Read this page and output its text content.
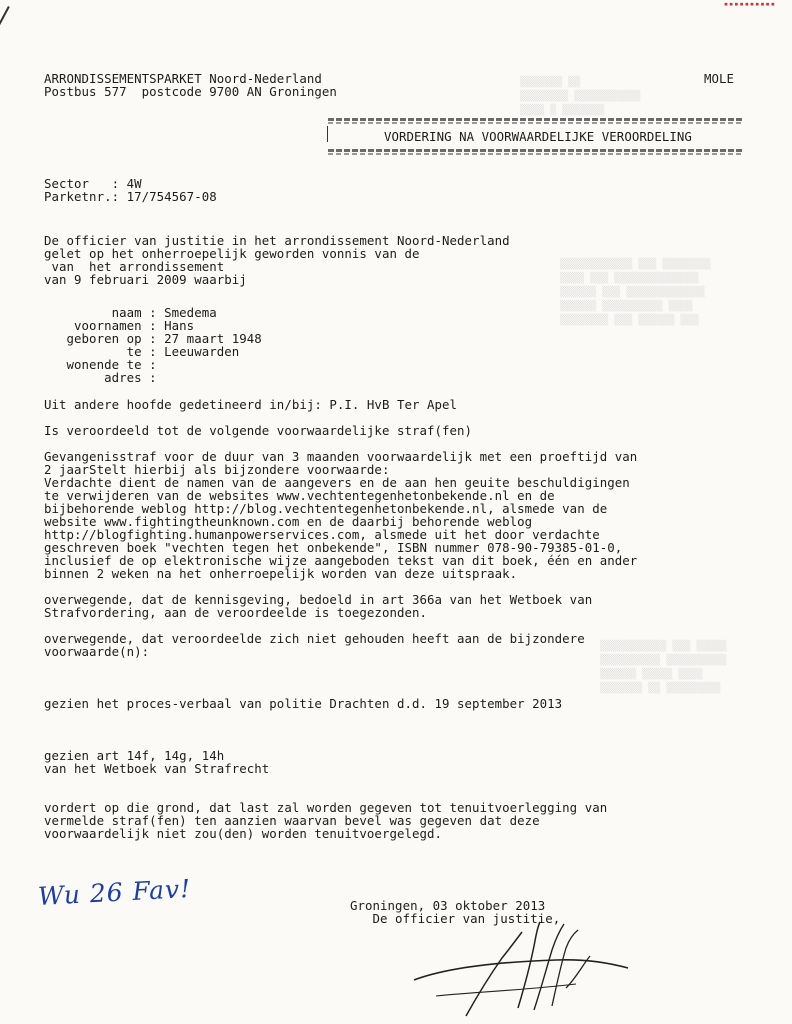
▒▒▒▒▒▒▒ ▒▒
▒▒▒▒▒▒▒▒ ▒▒▒▒▒▒▒▒▒▒▒
▒▒▒▒ ▒ ▒▒▒▒▒▒▒
▒▒▒▒▒▒▒▒▒▒▒▒ ▒▒▒ ▒▒▒▒▒▒▒▒
▒▒▒▒ ▒▒▒ ▒▒▒▒▒▒▒▒▒▒▒▒▒▒
▒▒▒▒▒▒ ▒▒▒ ▒▒▒▒▒▒▒▒▒▒▒▒▒
▒▒▒▒▒▒ ▒▒▒▒▒▒▒▒▒▒ ▒▒▒▒
▒▒▒▒▒▒▒▒ ▒▒▒ ▒▒▒▒▒▒ ▒▒▒
▒▒▒▒▒▒▒▒▒▒▒ ▒▒▒ ▒▒▒▒▒
▒▒▒▒▒▒▒▒▒▒ ▒▒▒▒▒▒▒▒▒▒
▒▒▒▒▒▒ ▒▒▒▒▒ ▒▒▒▒
▒▒▒▒▒▒▒ ▒▒ ▒▒▒▒▒▒▒▒▒
▪▪▪▪▪▪▪▪▪▪
ARRONDISSEMENTSPARKET Noord-Nederland
Postbus 577  postcode 9700 AN Groningen
MOLE
VORDERING NA VOORWAARDELIJKE VEROORDELING
Sector   : 4W
Parketnr.: 17/754567-08
De officier van justitie in het arrondissement Noord-Nederland
gelet op het onherroepelijk geworden vonnis van de
van  het arrondissement
van 9 februari 2009 waarbij
naam : Smedema
voornamen : Hans
geboren op : 27 maart 1948
te : Leeuwarden
wonende te :
adres :
Uit andere hoofde gedetineerd in/bij: P.I. HvB Ter Apel

Is veroordeeld tot de volgende voorwaardelijke straf(fen)

Gevangenisstraf voor de duur van 3 maanden voorwaardelijk met een proeftijd van
2 jaarStelt hierbij als bijzondere voorwaarde:
Verdachte dient de namen van de aangevers en de aan hen geuite beschuldigingen
te verwijderen van de websites www.vechtentegenhetonbekende.nl en de
bijbehorende weblog http://blog.vechtentegenhetonbekende.nl, alsmede van de
website www.fightingtheunknown.com en de daarbij behorende weblog
http://blogfighting.humanpowerservices.com, alsmede uit het door verdachte
geschreven boek "vechten tegen het onbekende", ISBN nummer 078-90-79385-01-0,
inclusief de op elektronische wijze aangeboden tekst van dit boek, één en ander
binnen 2 weken na het onherroepelijk worden van deze uitspraak.

overwegende, dat de kennisgeving, bedoeld in art 366a van het Wetboek van
Strafvordering, aan de veroordeelde is toegezonden.

overwegende, dat veroordeelde zich niet gehouden heeft aan de bijzondere
voorwaarde(n):

gezien het proces-verbaal van politie Drachten d.d. 19 september 2013

gezien art 14f, 14g, 14h
van het Wetboek van Strafrecht

vordert op die grond, dat last zal worden gegeven tot tenuitvoerlegging van
vermelde straf(fen) ten aanzien waarvan bevel was gegeven dat deze
voorwaardelijk niet zou(den) worden tenuitvoergelegd.
Wu 26 Fav!	Groningen, 03 oktober 2013
De officier van justitie,
